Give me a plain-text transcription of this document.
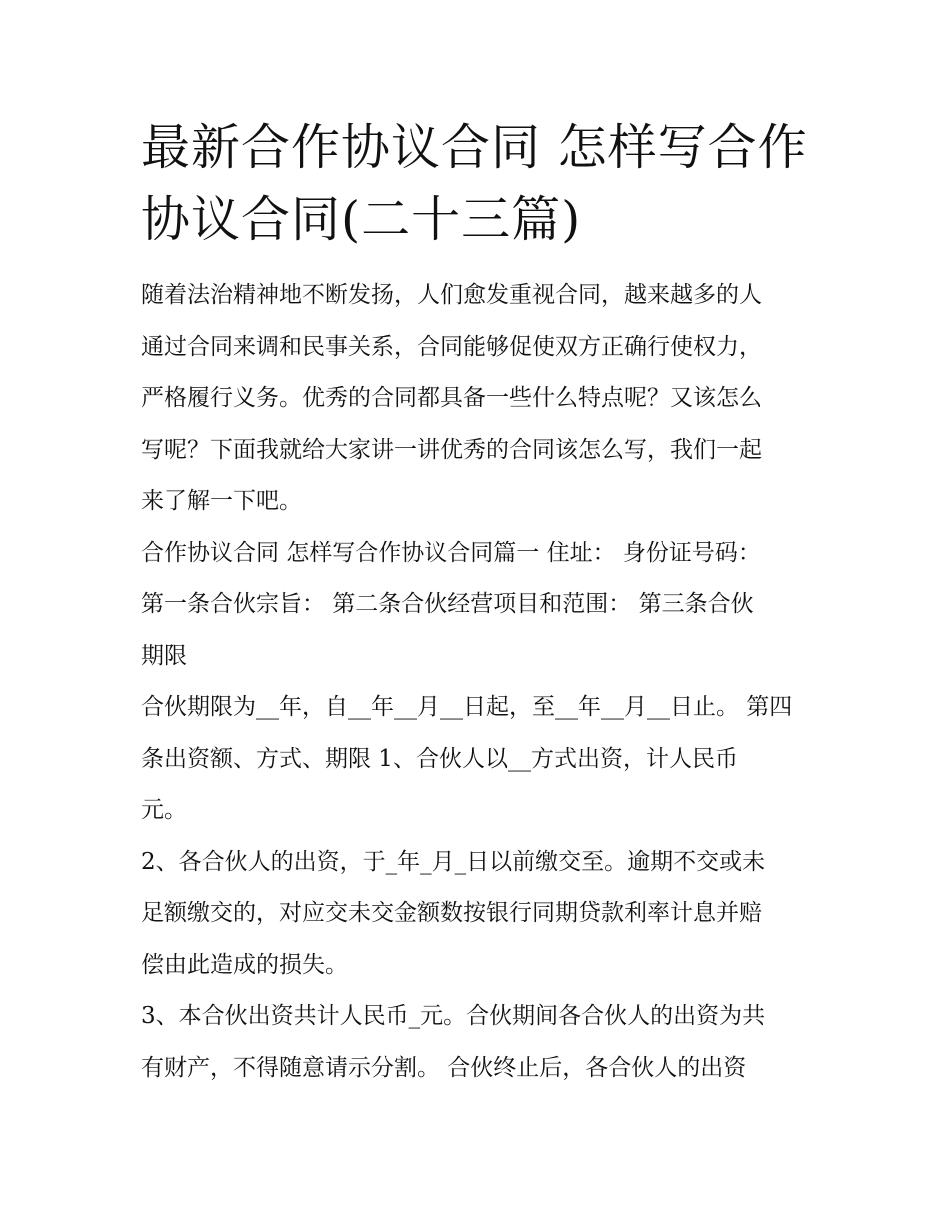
最新合作协议合同 怎样写合作
协议合同(二十三篇)

随着法治精神地不断发扬，人们愈发重视合同，越来越多的人
通过合同来调和民事关系，合同能够促使双方正确行使权力，
严格履行义务。优秀的合同都具备一些什么特点呢？又该怎么
写呢？下面我就给大家讲一讲优秀的合同该怎么写，我们一起
来了解一下吧。

合作协议合同 怎样写合作协议合同篇一 住址： 身份证号码：
第一条合伙宗旨： 第二条合伙经营项目和范围： 第三条合伙
期限

合伙期限为__年，自__年__月__日起，至__年__月__日止。 第四
条出资额、方式、期限 1、合伙人以__方式出资，计人民币
元。

2、各合伙人的出资，于_年_月_日以前缴交至。逾期不交或未
足额缴交的，对应交未交金额数按银行同期贷款利率计息并赔
偿由此造成的损失。

3、本合伙出资共计人民币_元。合伙期间各合伙人的出资为共
有财产，不得随意请示分割。 合伙终止后，各合伙人的出资
